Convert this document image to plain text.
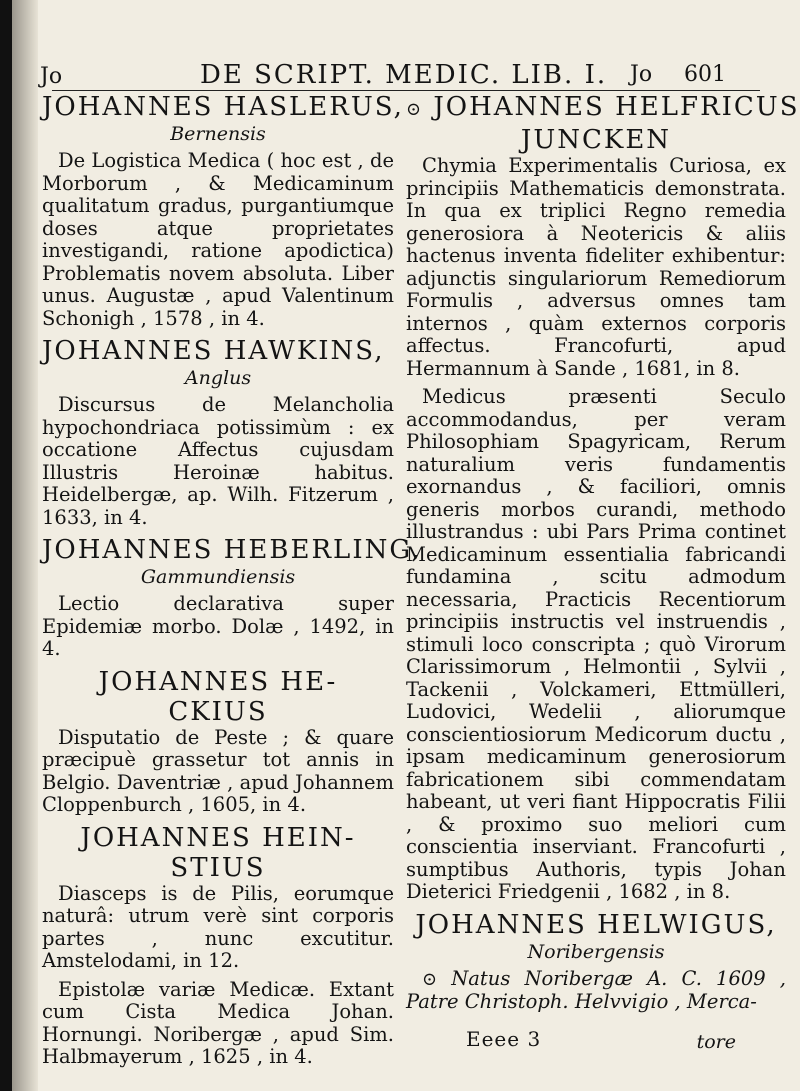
Jo	DE SCRIPT. MEDIC. LIB. I. Jo 601

JOHANNES HASLERUS,

Bernensis

De Logistica Medica ( hoc est , de Morborum , & Medicaminum qualitatum gradus, purgantiumque doses atque proprietates investigandi, ratione apodictica) Problematis novem absoluta. Liber unus. Augustæ , apud Valentinum Schonigh , 1578 , in 4.

JOHANNES HAWKINS,

Anglus

Discursus de Melancholia hypochondriaca potissimùm : ex occatione Affectus cujusdam Illustris Heroinæ habitus. Heidelbergæ, ap. Wilh. Fitzerum , 1633, in 4.

JOHANNES HEBERLING,

Gammundiensis

Lectio declarativa super Epidemiæ morbo. Dolæ , 1492, in 4.

JOHANNES HE-

CKIUS

Disputatio de Peste ; & quare præcipuè grassetur tot annis in Belgio. Daventriæ , apud Johannem Cloppenburch , 1605, in 4.

JOHANNES HEIN-

STIUS

Diasceps is de Pilis, eorumque naturâ: utrum verè sint corporis partes , nunc excutitur. Amstelodami, in 12.

Epistolæ variæ Medicæ. Extant cum Cista Medica Johan. Hornungi. Noribergæ , apud Sim. Halbmayerum , 1625 , in 4.

⊙ JOHANNES HELFRICUS

JUNCKEN

Chymia Experimentalis Curiosa, ex principiis Mathematicis demonstrata. In qua ex triplici Regno remedia generosiora à Neotericis & aliis hactenus inventa fideliter exhibentur: adjunctis singulariorum Remediorum Formulis , adversus omnes tam internos , quàm externos corporis affectus. Francofurti, apud Hermannum à Sande , 1681, in 8.

Medicus præsenti Seculo accommodandus, per veram Philosophiam Spagyricam, Rerum naturalium veris fundamentis exornandus , & faciliori, omnis generis morbos curandi, methodo illustrandus : ubi Pars Prima continet Medicaminum essentialia fabricandi fundamina , scitu admodum necessaria, Practicis Recentiorum principiis instructis vel instruendis , stimuli loco conscripta ; quò Virorum Clarissimorum , Helmontii , Sylvii , Tackenii , Volckameri, Ettmülleri, Ludovici, Wedelii , aliorumque conscientiosiorum Medicorum ductu , ipsam medicaminum generosiorum fabricationem sibi commendatam habeant, ut veri fiant Hippocratis Filii , & proximo suo meliori cum conscientia inserviant. Francofurti , sumptibus Authoris, typis Johan Dieterici Friedgenii , 1682 , in 8.

JOHANNES HELWIGUS,

Noribergensis

⊙ Natus Noribergæ A. C. 1609 , Patre Christoph. Helvvigio , Merca-

Eeee 3	tore
